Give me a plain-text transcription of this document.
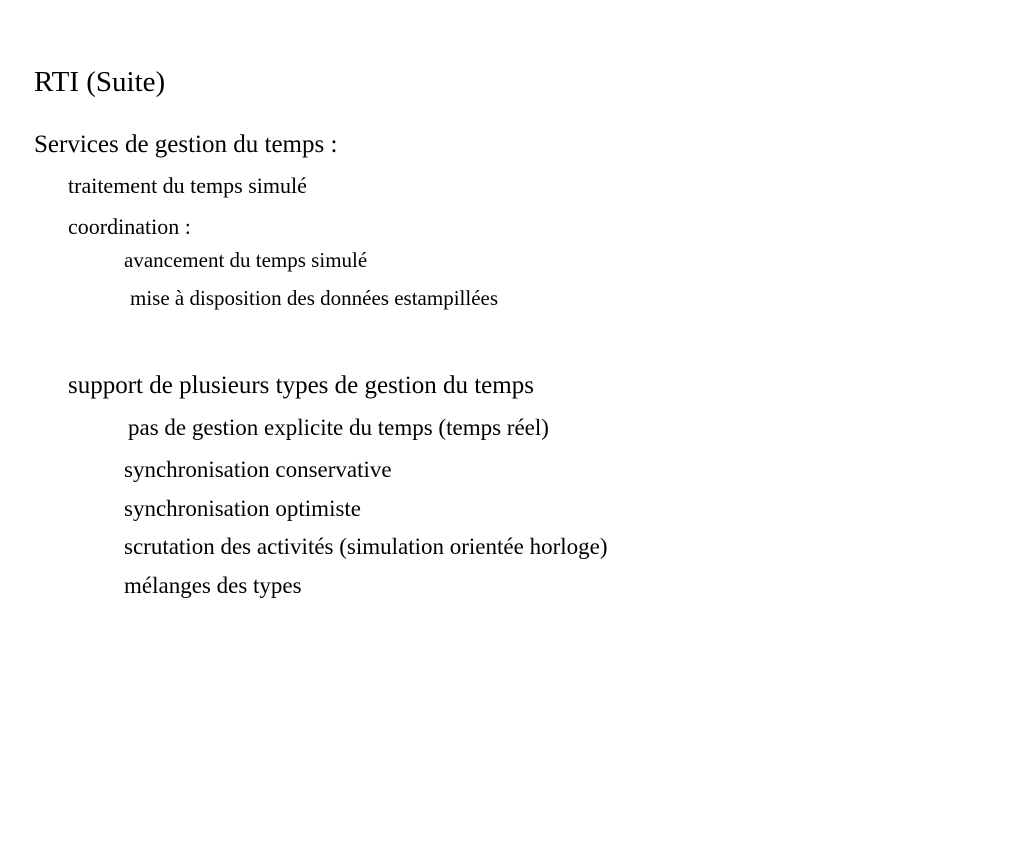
RTI (Suite)
Services de gestion du temps :
traitement du temps simulé
coordination :
avancement du temps simulé
mise à disposition des données estampillées
support de plusieurs types de gestion du temps
pas de gestion explicite du temps (temps réel)
synchronisation conservative
synchronisation optimiste
scrutation des activités (simulation orientée horloge)
mélanges des types
